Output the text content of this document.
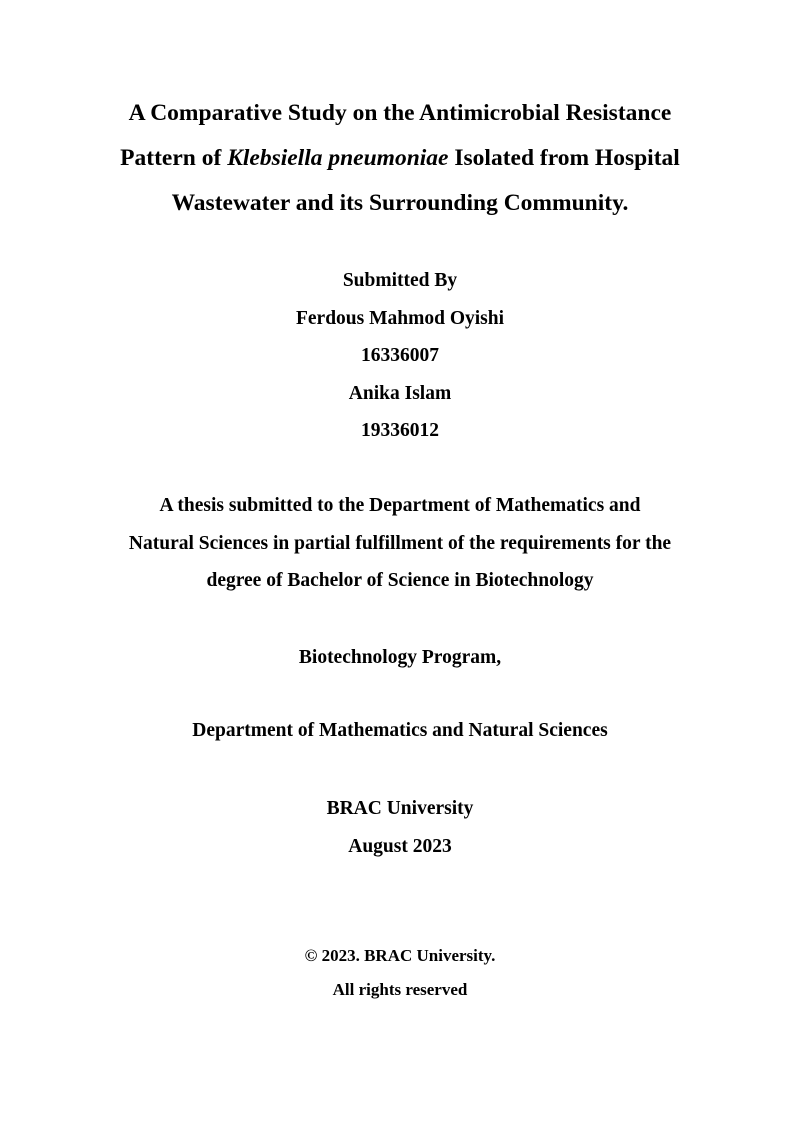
A Comparative Study on the Antimicrobial Resistance
Pattern of Klebsiella pneumoniae Isolated from Hospital
Wastewater and its Surrounding Community.
Submitted By
Ferdous Mahmod Oyishi
16336007
Anika Islam
19336012
A thesis submitted to the Department of Mathematics and
Natural Sciences in partial fulfillment of the requirements for the
degree of Bachelor of Science in Biotechnology
Biotechnology Program,
Department of Mathematics and Natural Sciences
BRAC University
August 2023
© 2023. BRAC University.
All rights reserved
